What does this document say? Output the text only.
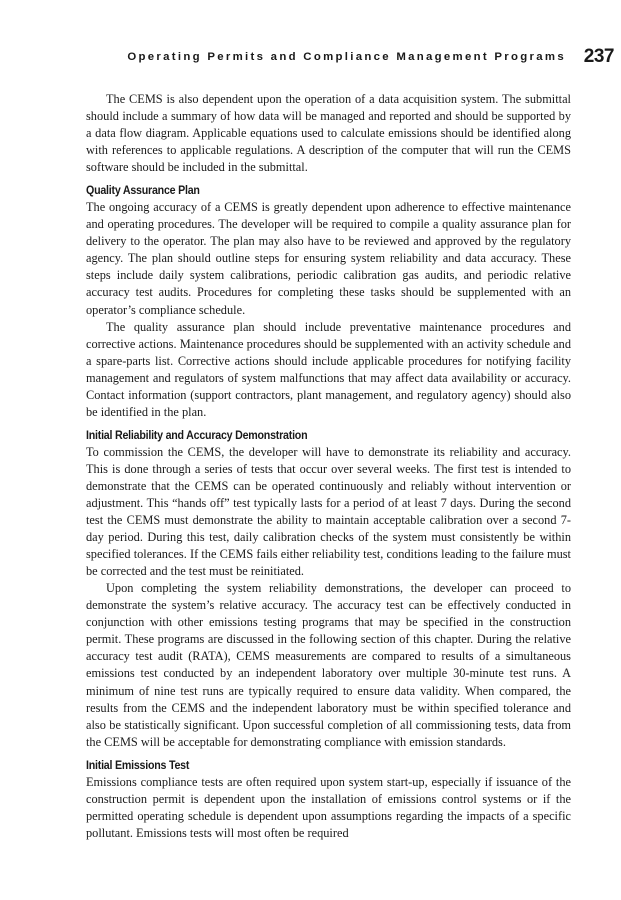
Operating Permits and Compliance Management Programs 237

The CEMS is also dependent upon the operation of a data acquisition system. The submittal should include a summary of how data will be managed and reported and should be supported by a data flow diagram. Applicable equations used to calculate emissions should be identified along with references to applicable regulations. A description of the computer that will run the CEMS software should be included in the submittal.

Quality Assurance Plan

The ongoing accuracy of a CEMS is greatly dependent upon adherence to effective maintenance and operating procedures. The developer will be required to compile a quality assurance plan for delivery to the operator. The plan may also have to be reviewed and approved by the regulatory agency. The plan should outline steps for ensuring system reliability and data accuracy. These steps include daily system calibrations, periodic calibration gas audits, and periodic relative accuracy test audits. Procedures for completing these tasks should be supplemented with an operator’s compliance schedule.

The quality assurance plan should include preventative maintenance procedures and corrective actions. Maintenance procedures should be supplemented with an activity schedule and a spare-parts list. Corrective actions should include applicable procedures for notifying facility management and regulators of system malfunctions that may affect data availability or accuracy. Contact information (support contractors, plant management, and regulatory agency) should also be identified in the plan.

Initial Reliability and Accuracy Demonstration

To commission the CEMS, the developer will have to demonstrate its reliability and accuracy. This is done through a series of tests that occur over several weeks. The first test is intended to demonstrate that the CEMS can be operated continuously and reliably without intervention or adjustment. This “hands off” test typically lasts for a period of at least 7 days. During the second test the CEMS must demonstrate the ability to maintain acceptable calibration over a second 7-day period. During this test, daily calibration checks of the system must consistently be within specified tolerances. If the CEMS fails either reliability test, conditions leading to the failure must be corrected and the test must be reinitiated.

Upon completing the system reliability demonstrations, the developer can proceed to demonstrate the system’s relative accuracy. The accuracy test can be effectively conducted in conjunction with other emissions testing programs that may be specified in the construction permit. These programs are discussed in the following section of this chapter. During the relative accuracy test audit (RATA), CEMS measurements are compared to results of a simultaneous emissions test conducted by an independent laboratory over multiple 30-minute test runs. A minimum of nine test runs are typically required to ensure data validity. When compared, the results from the CEMS and the independent laboratory must be within specified tolerance and also be statistically significant. Upon successful completion of all commissioning tests, data from the CEMS will be acceptable for demonstrating compliance with emission standards.

Initial Emissions Test

Emissions compliance tests are often required upon system start-up, especially if issuance of the construction permit is dependent upon the installation of emissions control systems or if the permitted operating schedule is dependent upon assumptions regarding the impacts of a specific pollutant. Emissions tests will most often be required
